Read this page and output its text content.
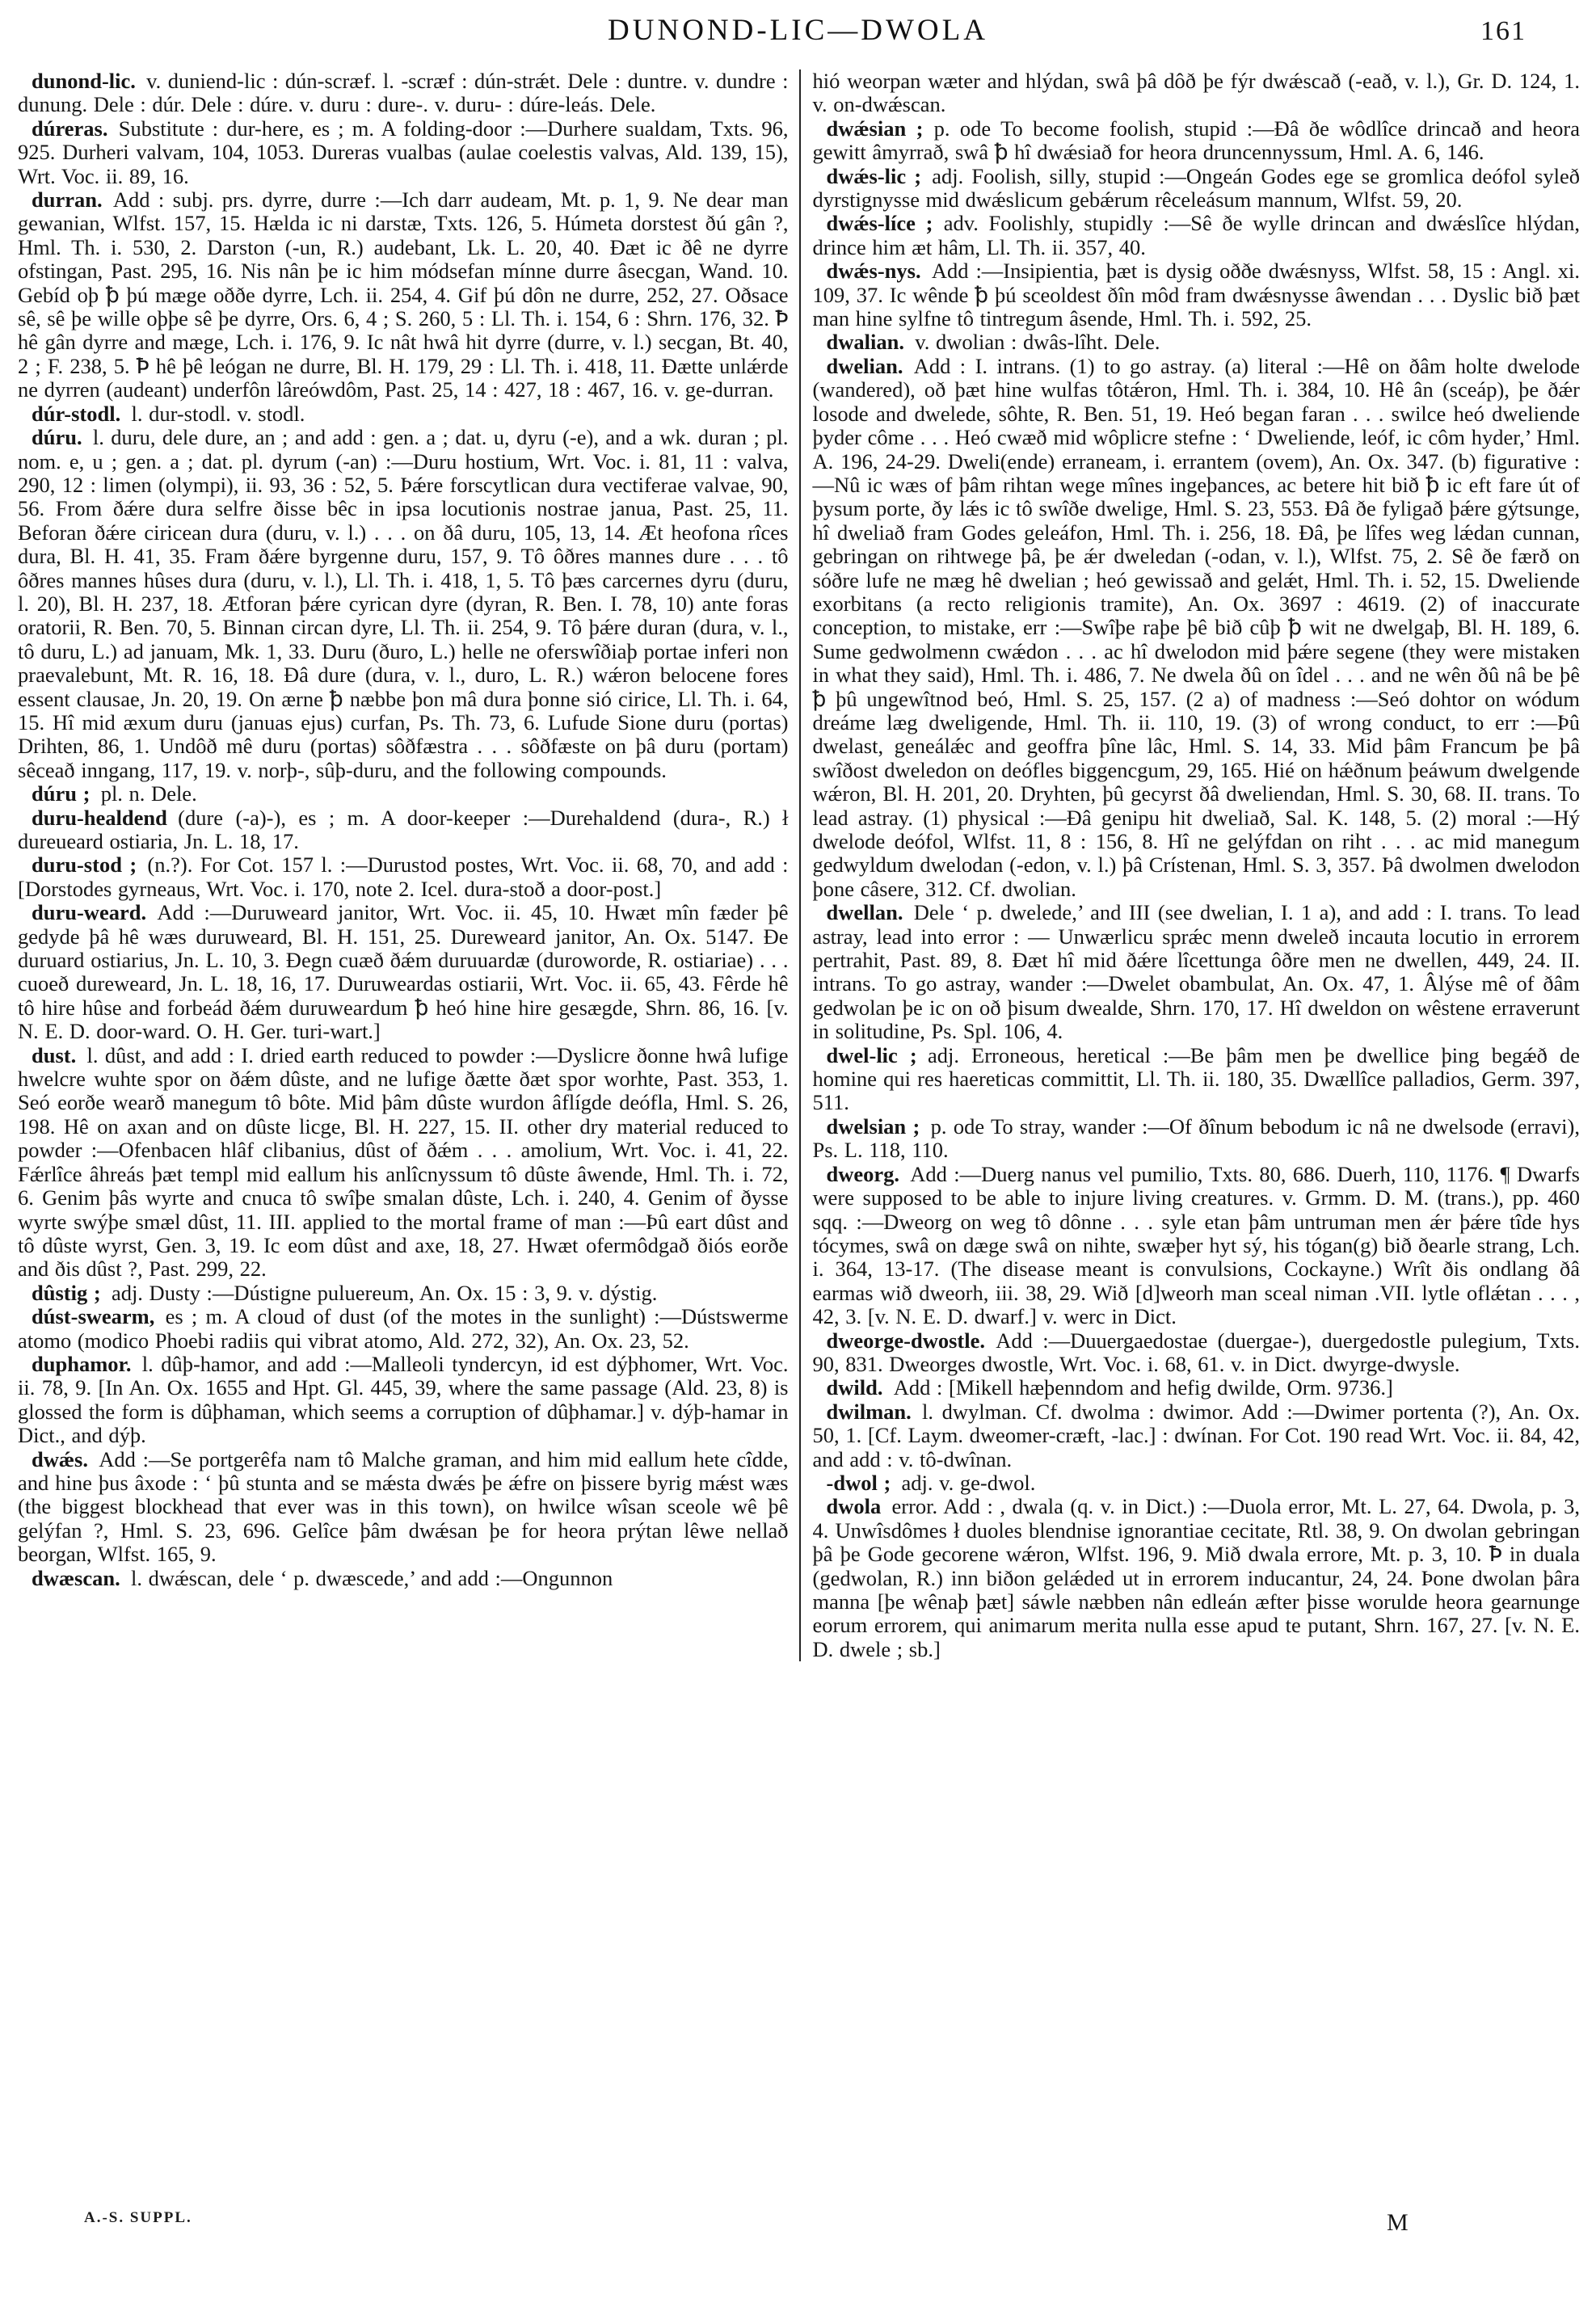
DUNOND-LIC—DWOLA	161

dunond-lic.  v. duniend-lic : dún-scræf. l. -scræf : dún-strǽt. Dele : duntre. v. dundre : dunung. Dele : dúr. Dele : dúre. v. duru : dure-. v. duru- : dúre-leás. Dele.

dúreras.  Substitute : dur-here, es ; m. A folding-door :—Durhere sualdam, Txts. 96, 925. Durheri valvam, 104, 1053. Dureras vualbas (aulae coelestis valvas, Ald. 139, 15), Wrt. Voc. ii. 89, 16.

durran.  Add : subj. prs. dyrre, durre :—Ich darr audeam, Mt. p. 1, 9. Ne dear man gewanian, Wlfst. 157, 15. Hælda ic ni darstæ, Txts. 126, 5. Húmeta dorstest ðú gân ?, Hml. Th. i. 530, 2. Darston (-un, R.) audebant, Lk. L. 20, 40. Ðæt ic ðê ne dyrre ofstingan, Past. 295, 16. Nis nân þe ic him módsefan mínne durre âsecgan, Wand. 10. Gebíd oþ ꝥ þú mæge oððe dyrre, Lch. ii. 254, 4. Gif þú dôn ne durre, 252, 27. Oðsace sê, sê þe wille oþþe sê þe dyrre, Ors. 6, 4 ; S. 260, 5 : Ll. Th. i. 154, 6 : Shrn. 176, 32. Ꝥ hê gân dyrre and mæge, Lch. i. 176, 9. Ic nât hwâ hit dyrre (durre, v. l.) secgan, Bt. 40, 2 ; F. 238, 5. Ꝥ hê þê leógan ne durre, Bl. H. 179, 29 : Ll. Th. i. 418, 11. Ðætte unlǽrde ne dyrren (audeant) underfôn lâreówdôm, Past. 25, 14 : 427, 18 : 467, 16. v. ge-durran.

dúr-stodl.  l. dur-stodl. v. stodl.

dúru.  l. duru, dele dure, an ; and add : gen. a ; dat. u, dyru (-e), and a wk. duran ; pl. nom. e, u ; gen. a ; dat. pl. dyrum (-an) :—Duru hostium, Wrt. Voc. i. 81, 11 : valva, 290, 12 : limen (olympi), ii. 93, 36 : 52, 5. Þǽre forscytlican dura vectiferae valvae, 90, 56. From ðǽre dura selfre ðisse bêc in ipsa locutionis nostrae janua, Past. 25, 11. Beforan ðǽre ciricean dura (duru, v. l.) . . . on ðâ duru, 105, 13, 14. Æt heofona rîces dura, Bl. H. 41, 35. Fram ðǽre byrgenne duru, 157, 9. Tô ôðres mannes dure . . . tô ôðres mannes hûses dura (duru, v. l.), Ll. Th. i. 418, 1, 5. Tô þæs carcernes dyru (duru, l. 20), Bl. H. 237, 18. Ætforan þǽre cyrican dyre (dyran, R. Ben. I. 78, 10) ante foras oratorii, R. Ben. 70, 5. Binnan circan dyre, Ll. Th. ii. 254, 9. Tô þǽre duran (dura, v. l., tô duru, L.) ad januam, Mk. 1, 33. Duru (ðuro, L.) helle ne oferswîðiaþ portae inferi non praevalebunt, Mt. R. 16, 18. Ðâ dure (dura, v. l., duro, L. R.) wǽron belocene fores essent clausae, Jn. 20, 19. On ærne ꝥ næbbe þon mâ dura þonne sió cirice, Ll. Th. i. 64, 15. Hî mid æxum duru (januas ejus) curfan, Ps. Th. 73, 6. Lufude Sione duru (portas) Drihten, 86, 1. Undôð mê duru (portas) sôðfæstra . . . sôðfæste on þâ duru (portam) sêceað inngang, 117, 19. v. norþ-, sûþ-duru, and the following compounds.

dúru ;  pl. n. Dele.

duru-healdend  (dure (-a)-), es ; m. A door-keeper :—Durehaldend (dura-, R.) ł dureueard ostiaria, Jn. L. 18, 17.

duru-stod ;  (n.?). For Cot. 157 l. :—Durustod postes, Wrt. Voc. ii. 68, 70, and add : [Dorstodes gyrneaus, Wrt. Voc. i. 170, note 2. Icel. dura-stoð a door-post.]

duru-weard.  Add :—Duruweard janitor, Wrt. Voc. ii. 45, 10. Hwæt mîn fæder þê gedyde þâ hê wæs duruweard, Bl. H. 151, 25. Dureweard janitor, An. Ox. 5147. Ðe duruard ostiarius, Jn. L. 10, 3. Ðegn cuæð ðǽm duruuardæ (duroworde, R. ostiariae) . . . cuoeð dureweard, Jn. L. 18, 16, 17. Duruweardas ostiarii, Wrt. Voc. ii. 65, 43. Fêrde hê tô hire hûse and forbeád ðǽm duruweardum ꝥ heó hine hire gesægde, Shrn. 86, 16. [v. N. E. D. door-ward. O. H. Ger. turi-wart.]

dust.  l. dûst, and add : I. dried earth reduced to powder :—Dyslicre ðonne hwâ lufige hwelcre wuhte spor on ðǽm dûste, and ne lufige ðætte ðæt spor worhte, Past. 353, 1. Seó eorðe wearð manegum tô bôte. Mid þâm dûste wurdon âflígde deófla, Hml. S. 26, 198. Hê on axan and on dûste licge, Bl. H. 227, 15. II. other dry material reduced to powder :—Ofenbacen hlâf clibanius, dûst of ðǽm . . . amolium, Wrt. Voc. i. 41, 22. Fǽrlîce âhreás þæt templ mid eallum his anlîcnyssum tô dûste âwende, Hml. Th. i. 72, 6. Genim þâs wyrte and cnuca tô swîþe smalan dûste, Lch. i. 240, 4. Genim of ðysse wyrte swýþe smæl dûst, 11. III. applied to the mortal frame of man :—Þû eart dûst and tô dûste wyrst, Gen. 3, 19. Ic eom dûst and axe, 18, 27. Hwæt ofermôdgað ðiós eorðe and ðis dûst ?, Past. 299, 22.

dûstig ;  adj. Dusty :—Dústigne puluereum, An. Ox. 15 : 3, 9. v. dýstig.

dúst-swearm,  es ; m. A cloud of dust (of the motes in the sunlight) :—Dústswerme atomo (modico Phoebi radiis qui vibrat atomo, Ald. 272, 32), An. Ox. 23, 52.

duphamor.  l. dûþ-hamor, and add :—Malleoli tyndercyn, id est dýþhomer, Wrt. Voc. ii. 78, 9. [In An. Ox. 1655 and Hpt. Gl. 445, 39, where the same passage (Ald. 23, 8) is glossed the form is dûþhaman, which seems a corruption of dûþhamar.] v. dýþ-hamar in Dict., and dýþ.

dwǽs.  Add :—Se portgerêfa nam tô Malche graman, and him mid eallum hete cîdde, and hine þus âxode : ‘ þû stunta and se mǽsta dwǽs þe ǽfre on þissere byrig mǽst wæs (the biggest blockhead that ever was in this town), on hwilce wîsan sceole wê þê gelýfan ?, Hml. S. 23, 696. Gelîce þâm dwǽsan þe for heora prýtan lêwe nellað beorgan, Wlfst. 165, 9.

dwæscan.  l. dwǽscan, dele ‘ p. dwæscede,’ and add :—Ongunnon

hió weorpan wæter and hlýdan, swâ þâ dôð þe fýr dwǽscað (-eað, v. l.), Gr. D. 124, 1. v. on-dwǽscan.

dwǽsian ;  p. ode To become foolish, stupid :—Ðâ ðe wôdlîce drincað and heora gewitt âmyrrað, swâ ꝥ hî dwǽsiað for heora druncennyssum, Hml. A. 6, 146.

dwǽs-lic ;  adj. Foolish, silly, stupid :—Ongeán Godes ege se gromlica deófol syleð dyrstignysse mid dwǽslicum gebǽrum rêceleásum mannum, Wlfst. 59, 20.

dwǽs-líce ;  adv. Foolishly, stupidly :—Sê ðe wylle drincan and dwǽslîce hlýdan, drince him æt hâm, Ll. Th. ii. 357, 40.

dwǽs-nys.  Add :—Insipientia, þæt is dysig oððe dwǽsnyss, Wlfst. 58, 15 : Angl. xi. 109, 37. Ic wênde ꝥ þú sceoldest ðîn môd fram dwǽsnysse âwendan . . . Dyslic bið þæt man hine sylfne tô tintregum âsende, Hml. Th. i. 592, 25.

dwalian.  v. dwolian : dwâs-lîht. Dele.

dwelian.  Add : I. intrans. (1) to go astray. (a) literal :—Hê on ðâm holte dwelode (wandered), oð þæt hine wulfas tôtǽron, Hml. Th. i. 384, 10. Hê ân (sceáp), þe ðǽr losode and dwelede, sôhte, R. Ben. 51, 19. Heó began faran . . . swilce heó dweliende þyder côme . . . Heó cwæð mid wôplicre stefne : ‘ Dweliende, leóf, ic côm hyder,’ Hml. A. 196, 24-29. Dweli(ende) erraneam, i. errantem (ovem), An. Ox. 347. (b) figurative :—Nû ic wæs of þâm rihtan wege mînes ingeþances, ac betere hit bið ꝥ ic eft fare út of þysum porte, ðy lǽs ic tô swîðe dwelige, Hml. S. 23, 553. Ðâ ðe fyligað þǽre gýtsunge, hî dweliað fram Godes geleáfon, Hml. Th. i. 256, 18. Ðâ, þe lîfes weg lǽdan cunnan, gebringan on rihtwege þâ, þe ǽr dweledan (-odan, v. l.), Wlfst. 75, 2. Sê ðe færð on sóðre lufe ne mæg hê dwelian ; heó gewissað and gelǽt, Hml. Th. i. 52, 15. Dweliende exorbitans (a recto religionis tramite), An. Ox. 3697 : 4619. (2) of inaccurate conception, to mistake, err :—Swîþe raþe þê bið cûþ ꝥ wit ne dwelgaþ, Bl. H. 189, 6. Sume gedwolmenn cwǽdon . . . ac hî dwelodon mid þǽre segene (they were mistaken in what they said), Hml. Th. i. 486, 7. Ne dwela ðû on îdel . . . and ne wên ðû nâ be þê ꝥ þû ungewîtnod beó, Hml. S. 25, 157. (2 a) of madness :—Seó dohtor on wódum dreáme læg dweligende, Hml. Th. ii. 110, 19. (3) of wrong conduct, to err :—Þû dwelast, geneálǽc and geoffra þîne lâc, Hml. S. 14, 33. Mid þâm Francum þe þâ swîðost dweledon on deófles biggencgum, 29, 165. Hié on hǽðnum þeáwum dwelgende wǽron, Bl. H. 201, 20. Dryhten, þû gecyrst ðâ dweliendan, Hml. S. 30, 68. II. trans. To lead astray. (1) physical :—Ðâ genipu hit dweliað, Sal. K. 148, 5. (2) moral :—Hý dwelode deófol, Wlfst. 11, 8 : 156, 8. Hî ne gelýfdan on riht . . . ac mid manegum gedwyldum dwelodan (-edon, v. l.) þâ Crístenan, Hml. S. 3, 357. Þâ dwolmen dwelodon þone câsere, 312. Cf. dwolian.

dwellan.  Dele ‘ p. dwelede,’ and III (see dwelian, I. 1 a), and add : I. trans. To lead astray, lead into error : — Unwærlicu sprǽc menn dweleð incauta locutio in errorem pertrahit, Past. 89, 8. Ðæt hî mid ðǽre lîcettunga ôðre men ne dwellen, 449, 24. II. intrans. To go astray, wander :—Dwelet obambulat, An. Ox. 47, 1. Âlýse mê of ðâm gedwolan þe ic on oð þisum dwealde, Shrn. 170, 17. Hî dweldon on wêstene erraverunt in solitudine, Ps. Spl. 106, 4.

dwel-lic ;  adj. Erroneous, heretical :—Be þâm men þe dwellice þing begǽð de homine qui res haereticas committit, Ll. Th. ii. 180, 35. Dwællîce palladios, Germ. 397, 511.

dwelsian ;  p. ode To stray, wander :—Of ðînum bebodum ic nâ ne dwelsode (erravi), Ps. L. 118, 110.

dweorg.  Add :—Duerg nanus vel pumilio, Txts. 80, 686. Duerh, 110, 1176. ¶ Dwarfs were supposed to be able to injure living creatures. v. Grmm. D. M. (trans.), pp. 460 sqq. :—Dweorg on weg tô dônne . . . syle etan þâm untruman men ǽr þǽre tîde hys tócymes, swâ on dæge swâ on nihte, swæþer hyt sý, his tógan(g) bið ðearle strang, Lch. i. 364, 13-17. (The disease meant is convulsions, Cockayne.) Wrît ðis ondlang ðâ earmas wið dweorh, iii. 38, 29. Wið [d]weorh man sceal niman .VII. lytle oflǽtan . . . , 42, 3. [v. N. E. D. dwarf.] v. werc in Dict.

dweorge-dwostle.  Add :—Duuergaedostae (duergae-), duergedostle pulegium, Txts. 90, 831. Dweorges dwostle, Wrt. Voc. i. 68, 61. v. in Dict. dwyrge-dwysle.

dwild.  Add : [Mikell hæþenndom and hefig dwilde, Orm. 9736.]

dwilman.  l. dwylman. Cf. dwolma : dwimor. Add :—Dwimer portenta (?), An. Ox. 50, 1. [Cf. Laym. dweomer-cræft, -lac.] : dwínan. For Cot. 190 read Wrt. Voc. ii. 84, 42, and add : v. tô-dwînan.

-dwol ;  adj. v. ge-dwol.

dwola  error. Add : , dwala (q. v. in Dict.) :—Duola error, Mt. L. 27, 64. Dwola, p. 3, 4. Unwîsdômes ł duoles blendnise ignorantiae cecitate, Rtl. 38, 9. On dwolan gebringan þâ þe Gode gecorene wǽron, Wlfst. 196, 9. Mið dwala errore, Mt. p. 3, 10. Ꝥ in duala (gedwolan, R.) inn biðon gelǽded ut in errorem inducantur, 24, 24. Þone dwolan þâra manna [þe wênaþ þæt] sáwle næbben nân edleán æfter þisse worulde heora gearnunge eorum errorem, qui animarum merita nulla esse apud te putant, Shrn. 167, 27. [v. N. E. D. dwele ; sb.]

A.-S. SUPPL.	M
